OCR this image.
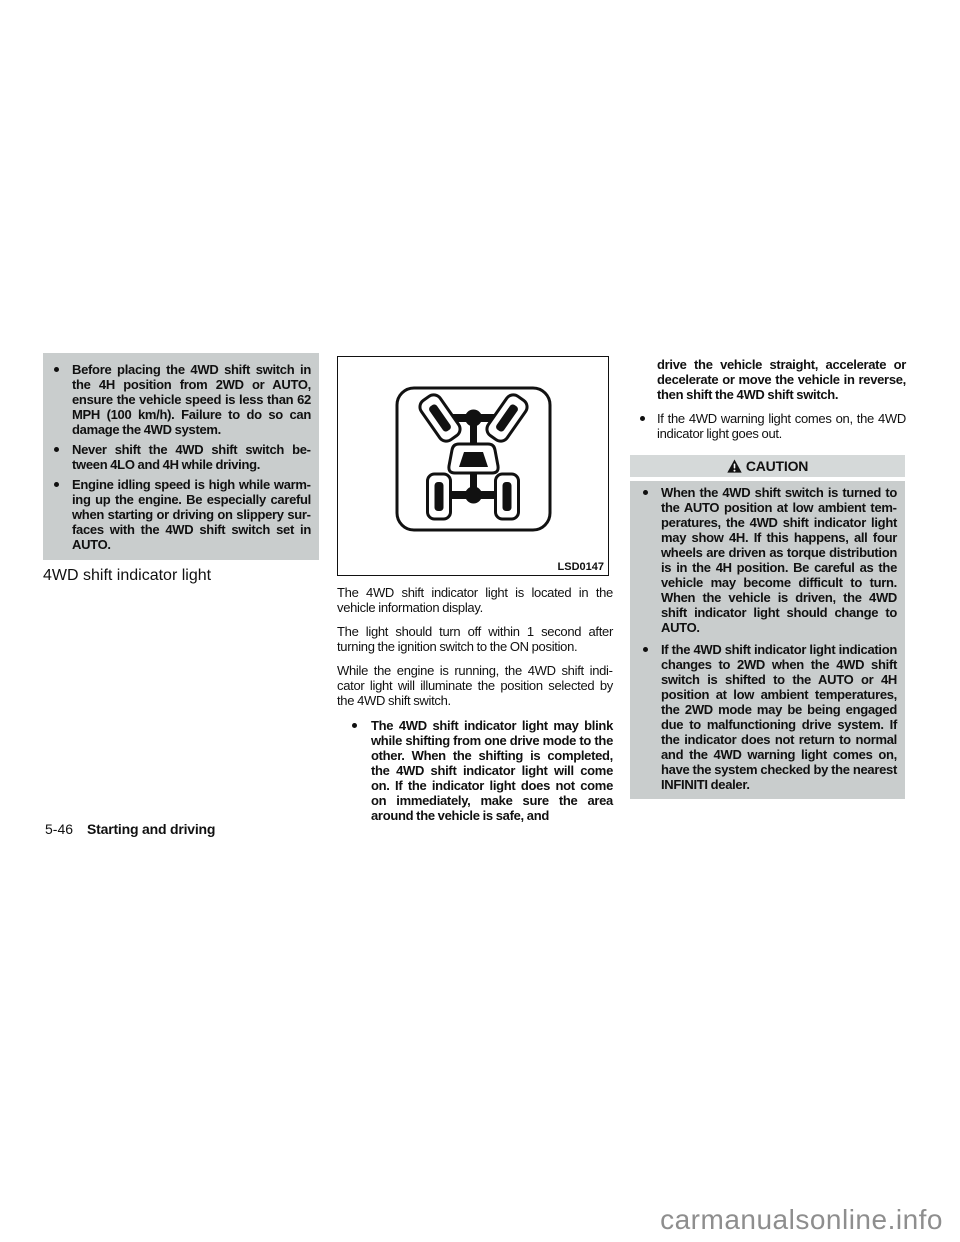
Before placing the 4WD shift switch in the 4H position from 2WD or AUTO, ensure the vehicle speed is less than 62 MPH (100 km/h). Failure to do so can damage the 4WD system.
Never shift the 4WD shift switch between 4LO and 4H while driving.
Engine idling speed is high while warming up the engine. Be especially careful when starting or driving on slippery surfaces with the 4WD shift switch set in AUTO.
4WD shift indicator light	LSD0147

The 4WD shift indicator light is located in the vehicle information display.

The light should turn off within 1 second after turning the ignition switch to the ON position.

While the engine is running, the 4WD shift indicator light will illuminate the position selected by the 4WD shift switch.

The 4WD shift indicator light may blink while shifting from one drive mode to the other. When the shifting is completed, the 4WD shift indicator light will come on. If the indicator light does not come on immediately, make sure the area around the vehicle is safe, and
drive the vehicle straight, accelerate or decelerate or move the vehicle in reverse, then shift the 4WD shift switch.
If the 4WD warning light comes on, the 4WD indicator light goes out.
CAUTION
When the 4WD shift switch is turned to the AUTO position at low ambient temperatures, the 4WD shift indicator light may show 4H. If this happens, all four wheels are driven as torque distribution is in the 4H position. Be careful as the vehicle may become difficult to turn. When the vehicle is driven, the 4WD shift indicator light should change to AUTO.
If the 4WD shift indicator light indication changes to 2WD when the 4WD shift switch is shifted to the AUTO or 4H position at low ambient temperatures, the 2WD mode may be being engaged due to malfunctioning drive system. If the indicator does not return to normal and the 4WD warning light comes on, have the system checked by the nearest INFINITI dealer.
5-46 Starting and driving
carmanualsonline.info
